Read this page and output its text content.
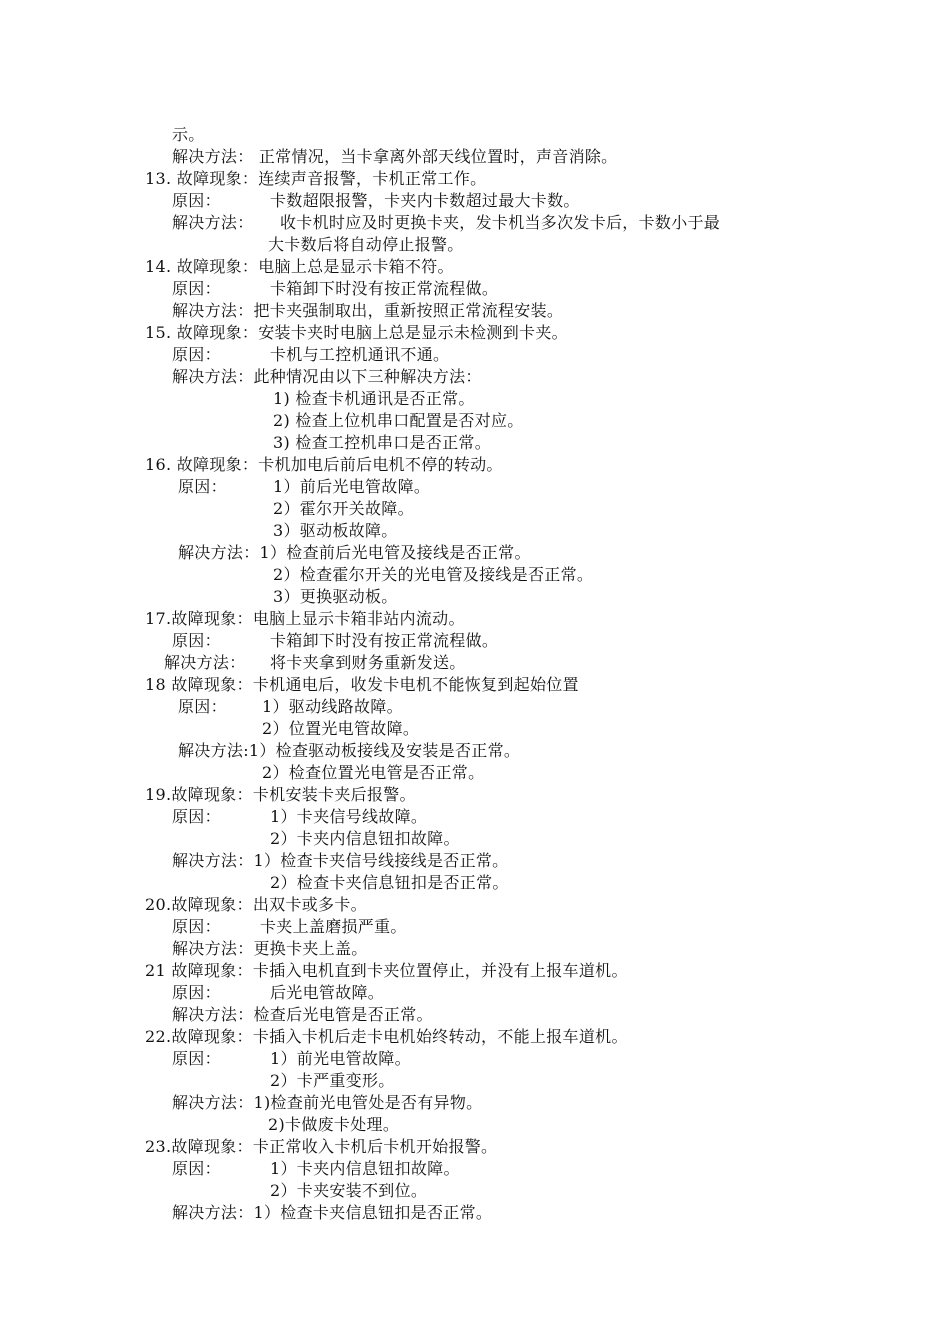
示。
解决方法： 正常情况，当卡拿离外部天线位置时，声音消除。
13. 故障现象：连续声音报警，卡机正常工作。
原因：	卡数超限报警，卡夹内卡数超过最大卡数。
解决方法： 收卡机时应及时更换卡夹，发卡机当多次发卡后，卡数小于最
大卡数后将自动停止报警。
14. 故障现象：电脑上总是显示卡箱不符。
原因：	卡箱卸下时没有按正常流程做。
解决方法：把卡夹强制取出，重新按照正常流程安装。
15. 故障现象：安装卡夹时电脑上总是显示未检测到卡夹。
原因：	卡机与工控机通讯不通。
解决方法：此种情况由以下三种解决方法：
1) 检查卡机通讯是否正常。
2) 检查上位机串口配置是否对应。
3) 检查工控机串口是否正常。
16. 故障现象：卡机加电后前后电机不停的转动。
原因：	1）前后光电管故障。
2）霍尔开关故障。
3）驱动板故障。
解决方法：1）检查前后光电管及接线是否正常。
2）检查霍尔开关的光电管及接线是否正常。
3）更换驱动板。
17.故障现象：电脑上显示卡箱非站内流动。
原因：	卡箱卸下时没有按正常流程做。
解决方法： 将卡夹拿到财务重新发送。
18 故障现象：卡机通电后，收发卡电机不能恢复到起始位置
原因： 1）驱动线路故障。
2）位置光电管故障。
解决方法:1）检查驱动板接线及安装是否正常。
2）检查位置光电管是否正常。
19.故障现象：卡机安装卡夹后报警。
原因：	1）卡夹信号线故障。
2）卡夹内信息钮扣故障。
解决方法：1）检查卡夹信号线接线是否正常。
2）检查卡夹信息钮扣是否正常。
20.故障现象：出双卡或多卡。
原因： 卡夹上盖磨损严重。
解决方法：更换卡夹上盖。
21 故障现象：卡插入电机直到卡夹位置停止，并没有上报车道机。
原因：	后光电管故障。
解决方法：检查后光电管是否正常。
22.故障现象：卡插入卡机后走卡电机始终转动，不能上报车道机。
原因：	1）前光电管故障。
2）卡严重变形。
解决方法：1)检查前光电管处是否有异物。
2)卡做废卡处理。
23.故障现象：卡正常收入卡机后卡机开始报警。
原因：	1）卡夹内信息钮扣故障。
2）卡夹安装不到位。
解决方法：1）检查卡夹信息钮扣是否正常。
